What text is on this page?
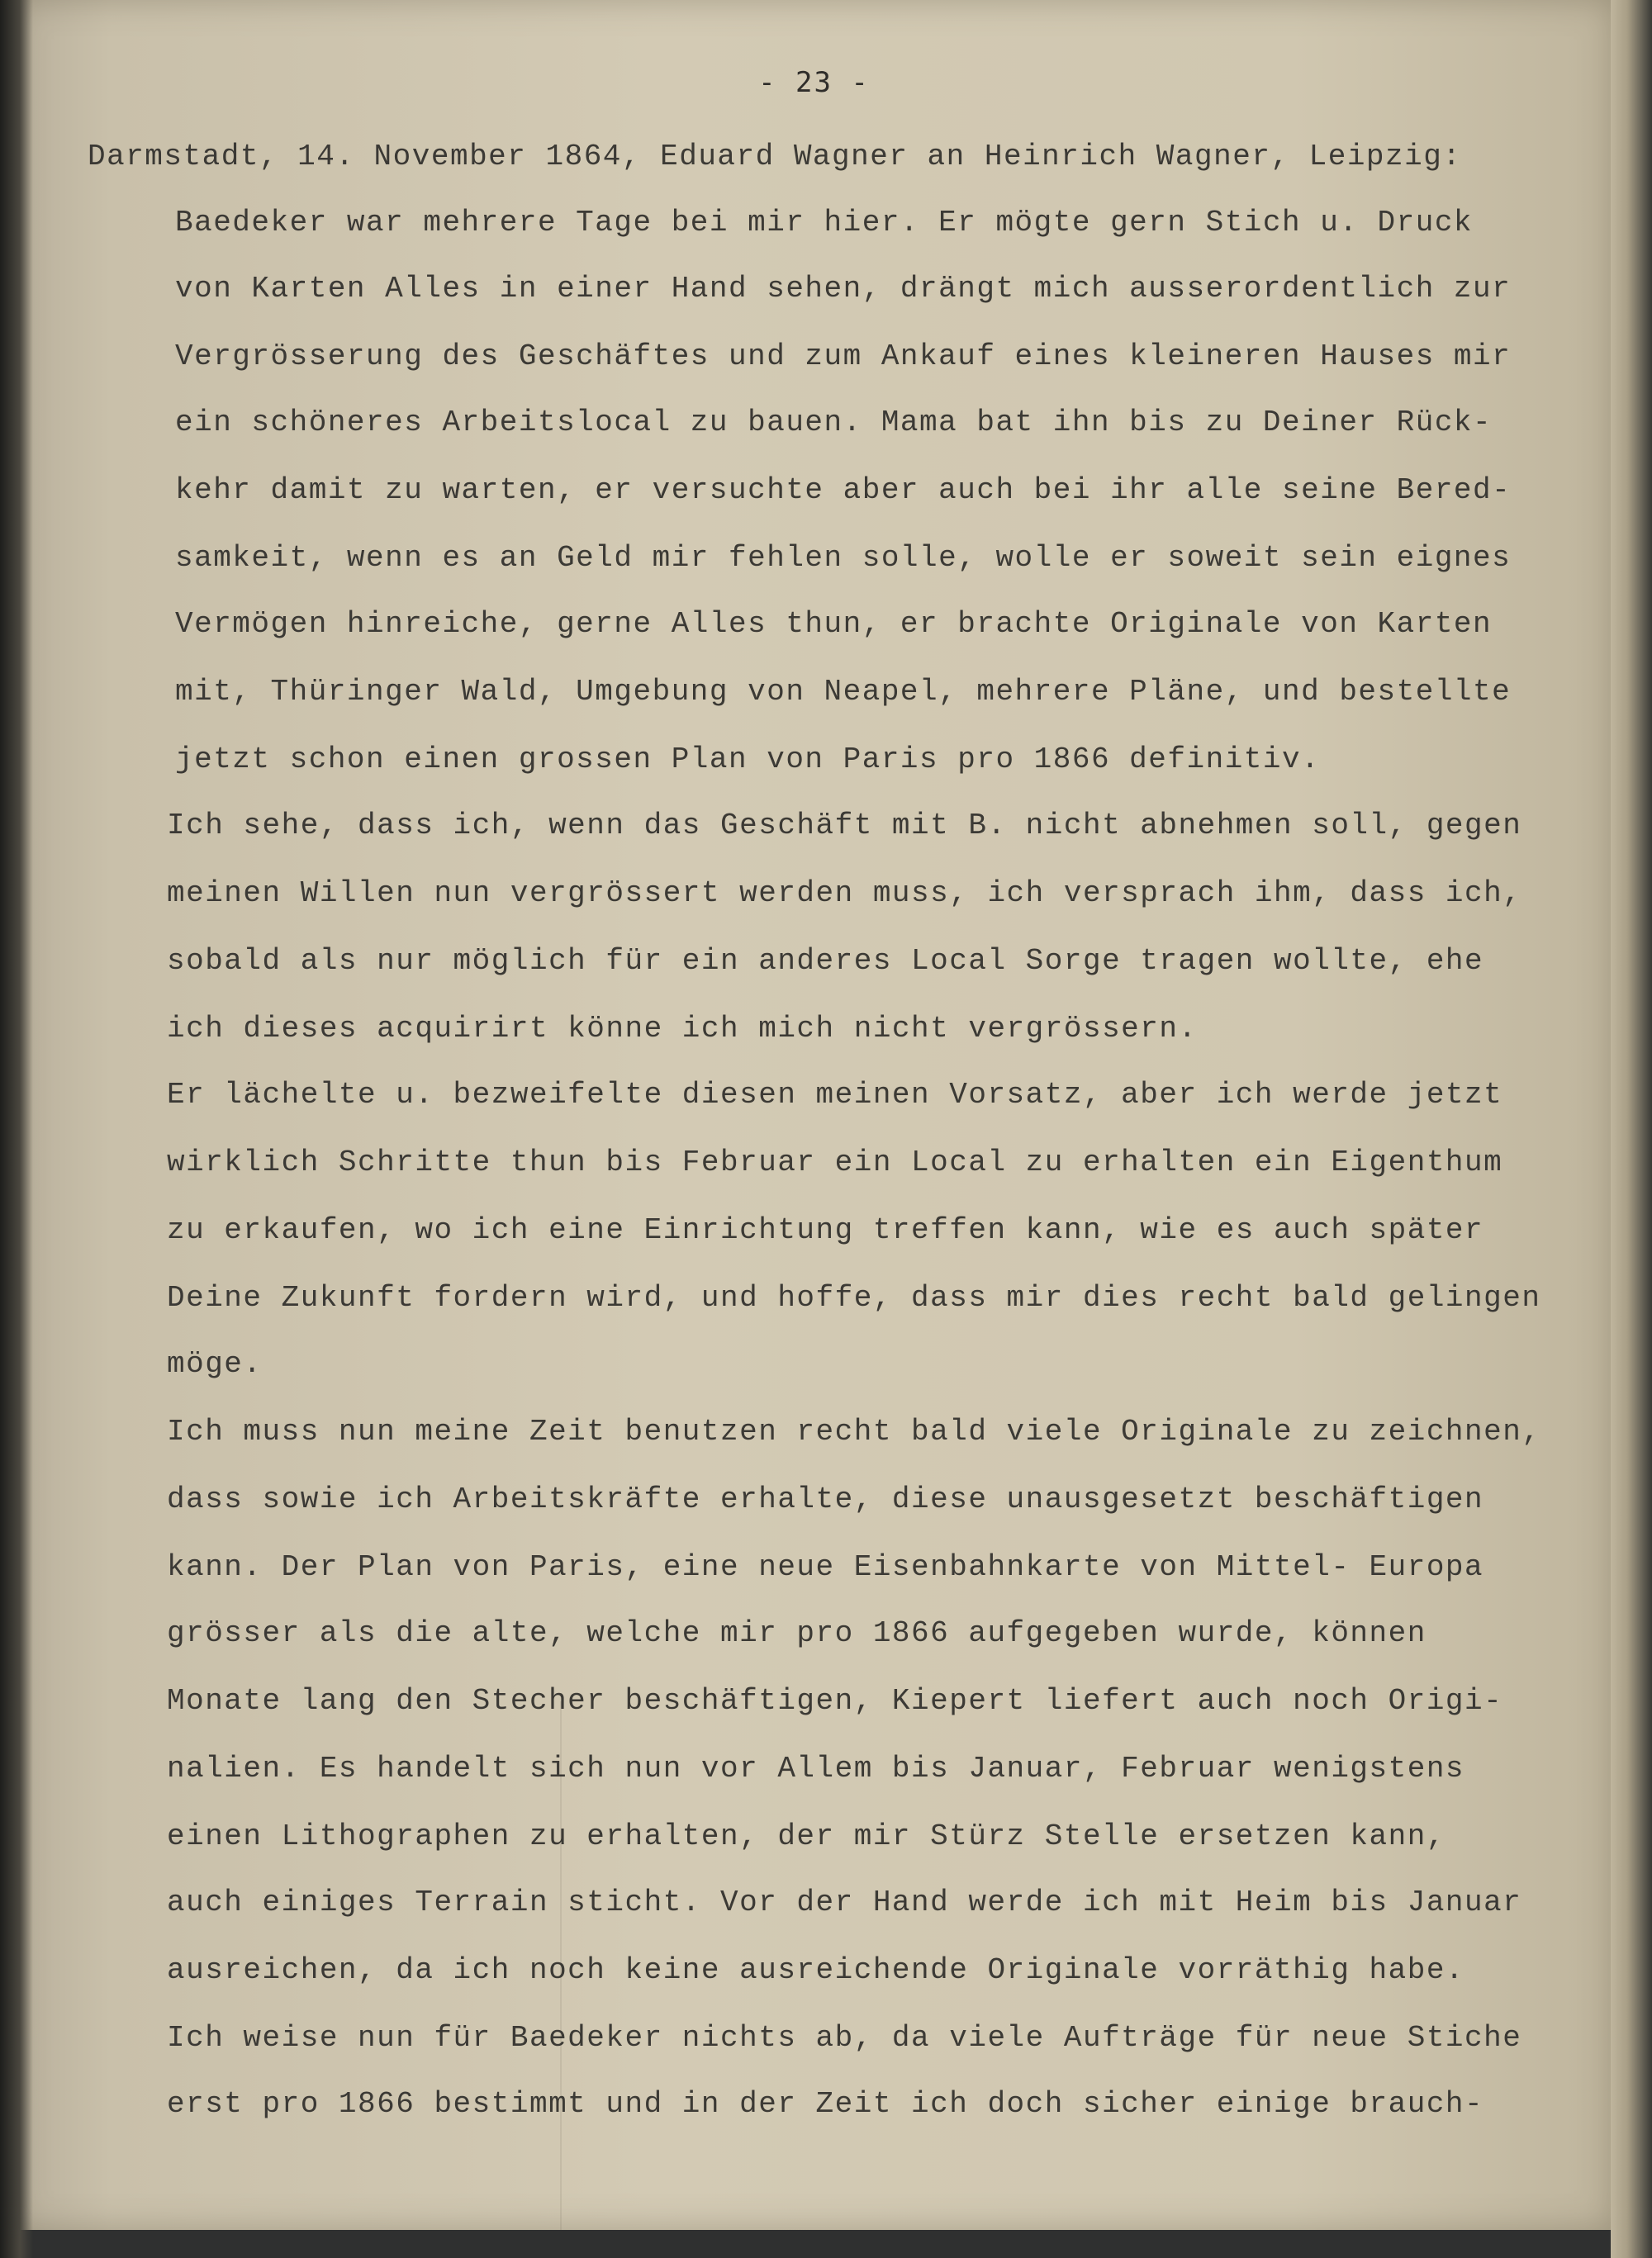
- 23 -

Darmstadt, 14. November 1864, Eduard Wagner an Heinrich Wagner, Leipzig:

Baedeker war mehrere Tage bei mir hier. Er mögte gern Stich u. Druck

von Karten Alles in einer Hand sehen, drängt mich ausserordentlich zur

Vergrösserung des Geschäftes und zum Ankauf eines kleineren Hauses mir

ein schöneres Arbeitslocal zu bauen. Mama bat ihn bis zu Deiner Rück-

kehr damit zu warten, er versuchte aber auch bei ihr alle seine Bered-

samkeit, wenn es an Geld mir fehlen solle, wolle er soweit sein eignes

Vermögen hinreiche, gerne Alles thun, er brachte Originale von Karten

mit, Thüringer Wald, Umgebung von Neapel, mehrere Pläne, und bestellte

jetzt schon einen grossen Plan von Paris pro 1866 definitiv.

Ich sehe, dass ich, wenn das Geschäft mit B. nicht abnehmen soll, gegen

meinen Willen nun vergrössert werden muss, ich versprach ihm, dass ich,

sobald als nur möglich für ein anderes Local Sorge tragen wollte, ehe

ich dieses acquirirt könne ich mich nicht vergrössern.

Er lächelte u. bezweifelte diesen meinen Vorsatz, aber ich werde jetzt

wirklich Schritte thun bis Februar ein Local zu erhalten ein Eigenthum

zu erkaufen, wo ich eine Einrichtung treffen kann, wie es auch später

Deine Zukunft fordern wird, und hoffe, dass mir dies recht bald gelingen

möge.

Ich muss nun meine Zeit benutzen recht bald viele Originale zu zeichnen,

dass sowie ich Arbeitskräfte erhalte, diese unausgesetzt beschäftigen

kann. Der Plan von Paris, eine neue Eisenbahnkarte von Mittel- Europa

grösser als die alte, welche mir pro 1866 aufgegeben wurde, können

Monate lang den Stecher beschäftigen, Kiepert liefert auch noch Origi-

nalien. Es handelt sich nun vor Allem bis Januar, Februar wenigstens

einen Lithographen zu erhalten, der mir Stürz Stelle ersetzen kann,

auch einiges Terrain sticht. Vor der Hand werde ich mit Heim bis Januar

ausreichen, da ich noch keine ausreichende Originale vorräthig habe.

Ich weise nun für Baedeker nichts ab, da viele Aufträge für neue Stiche

erst pro 1866 bestimmt und in der Zeit ich doch sicher einige brauch-
